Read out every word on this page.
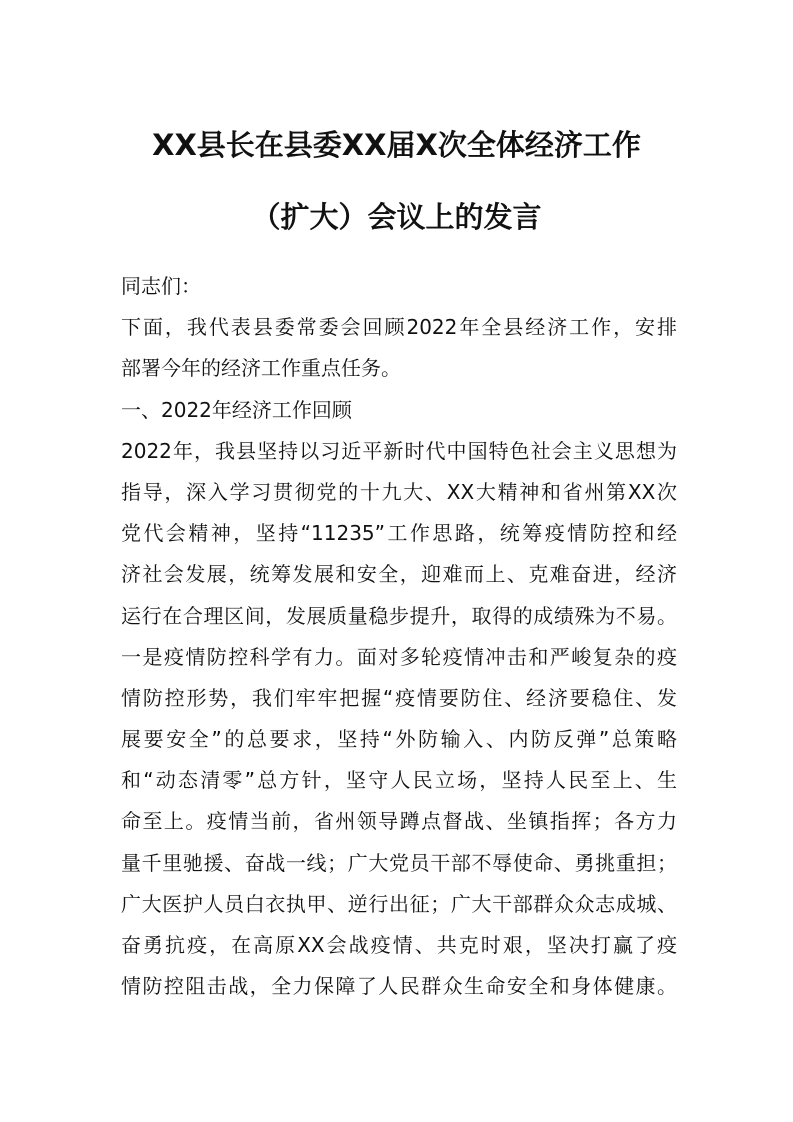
XX县长在县委XX届X次全体经济工作
（扩大）会议上的发言
同志们：
下面，我代表县委常委会回顾2022年全县经济工作，安排
部署今年的经济工作重点任务。
一、2022年经济工作回顾
2022年，我县坚持以习近平新时代中国特色社会主义思想为
指导，深入学习贯彻党的十九大、XX大精神和省州第XX次
党代会精神，坚持“11235”工作思路，统筹疫情防控和经
济社会发展，统筹发展和安全，迎难而上、克难奋进，经济
运行在合理区间，发展质量稳步提升，取得的成绩殊为不易。
一是疫情防控科学有力。面对多轮疫情冲击和严峻复杂的疫
情防控形势，我们牢牢把握“疫情要防住、经济要稳住、发
展要安全”的总要求，坚持“外防输入、内防反弹”总策略
和“动态清零”总方针，坚守人民立场，坚持人民至上、生
命至上。疫情当前，省州领导蹲点督战、坐镇指挥；各方力
量千里驰援、奋战一线；广大党员干部不辱使命、勇挑重担；
广大医护人员白衣执甲、逆行出征；广大干部群众众志成城、
奋勇抗疫，在高原XX会战疫情、共克时艰，坚决打赢了疫
情防控阻击战，全力保障了人民群众生命安全和身体健康。
